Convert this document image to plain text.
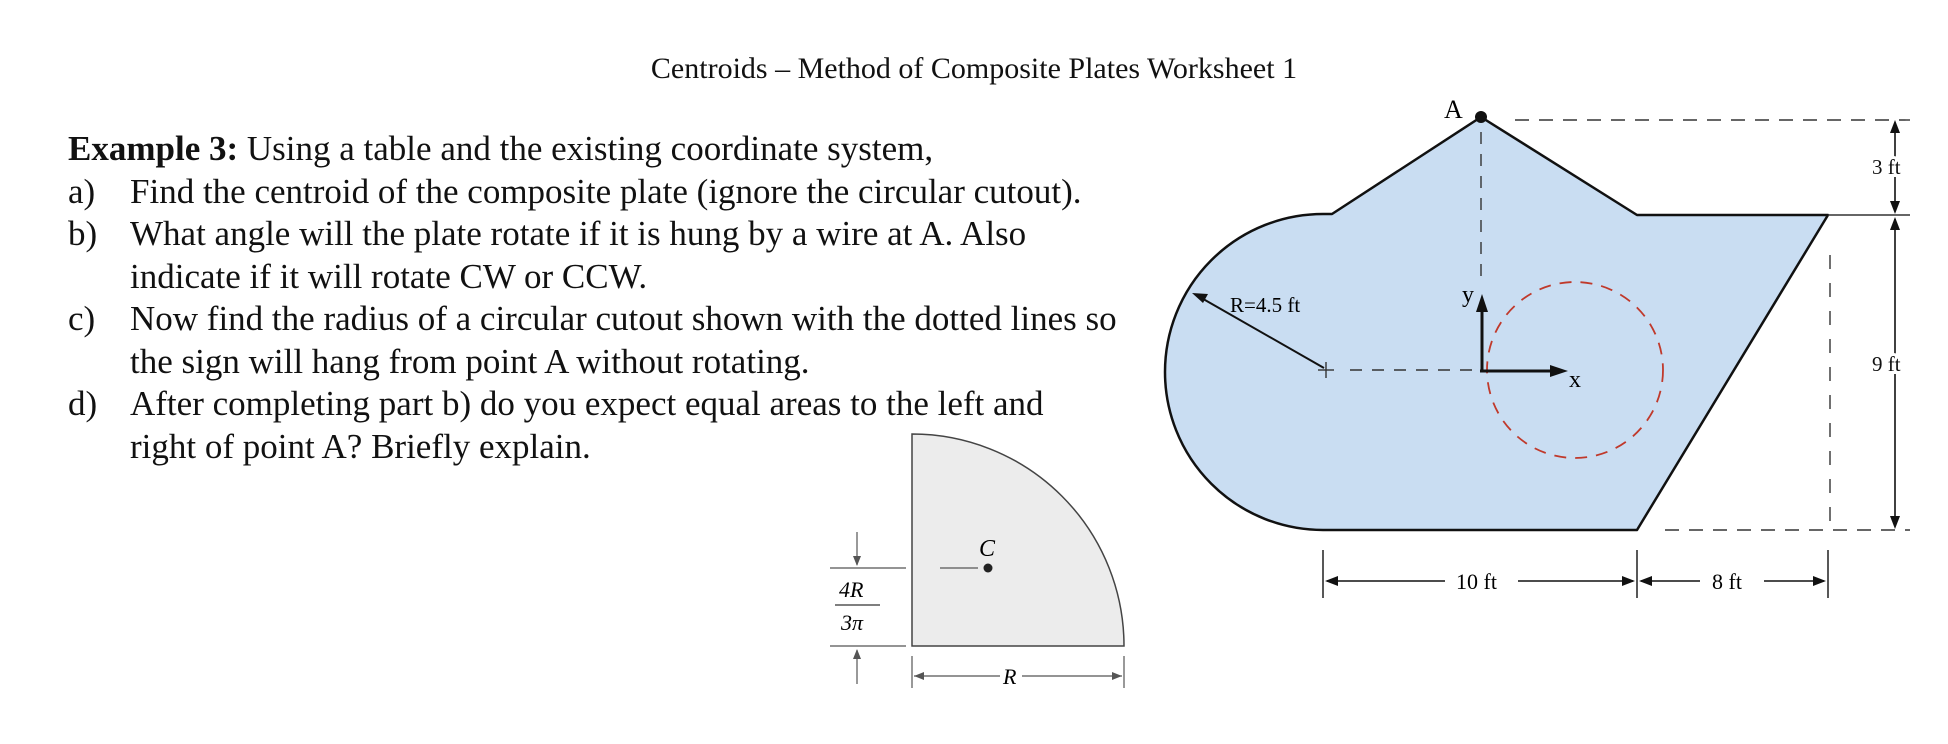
Centroids – Method of Composite Plates Worksheet 1
Example 3: Using a table and the existing coordinate system,
a) Find the centroid of the composite plate (ignore the circular cutout).
b) What angle will the plate rotate if it is hung by a wire at A. Also indicate if it will rotate CW or CCW.
c) Now find the radius of a circular cutout shown with the dotted lines so the sign will hang from point A without rotating.
d) After completing part b) do you expect equal areas to the left and right of point A? Briefly explain.
C
4R
3π
R
R=4.5 ft	y
x
A
3 ft
9 ft
10 ft	8 ft
